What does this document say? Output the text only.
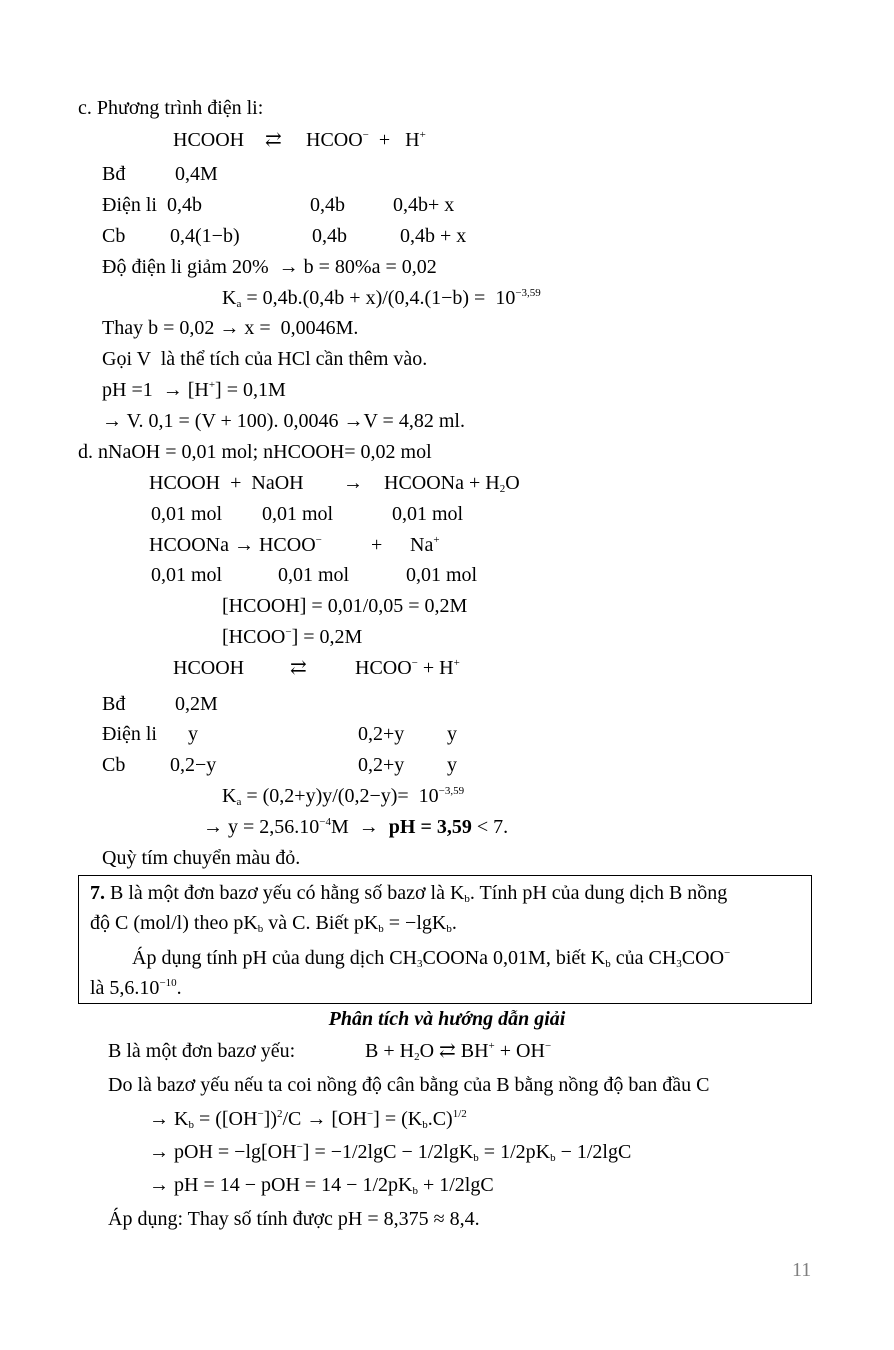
c. Phương trình điện li:
HCOOH ⇄ HCOO−  +   H+
Bđ 0,4M
Điện li  0,4b	0,4b 0,4b+ x
Cb 0,4(1−b)	0,4b	0,4b + x
Độ điện li giảm 20%  → b = 80%a = 0,02
$K_a = 0,4b.(0,4b + x)/(0,4.(1-b) = 10^{-3,59}$
Thay b = 0,02 → x =  0,0046M.
Gọi V  là thể tích của HCl cần thêm vào.
pH =1  → [H+] = 0,1M
→ V. 0,1 = (V + 100). 0,0046 →V = 4,82 ml.
d. nNaOH = 0,01 mol; nHCOOH= 0,02 mol
HCOOH  +  NaOH → HCOONa + $H_2O$
0,01 mol 0,01 mol	0,01 mol
HCOONa → HCOO− + Na+
0,01 mol	0,01 mol	0,01 mol
[HCOOH] = 0,01/0,05 = 0,2M
[HCOO−] = 0,2M
HCOOH ⇄ HCOO− + H+
Bđ 0,2M
Điện li y	0,2+y y
Cb 0,2−y	0,2+y y
$K_a = (0,2+y)y/(0,2-y)= 10^{-3,59}$
→ $y = 2,56.10^{-4}M$  →  pH = 3,59 < 7.
Quỳ tím chuyển màu đỏ.
7. B là một đơn bazơ yếu có hằng số bazơ là $K_b$. Tính pH của dung dịch B nồng
độ C (mol/l) theo $pK_b$ và C. Biết $pK_b = -\lg K_b$.
Áp dụng tính pH của dung dịch $CH_3COONa$ 0,01M, biết $K_b$ của $CH_3COO^-$
là $5,6.10^{-10}$.
Phân tích và hướng dẫn giải
B là một đơn bazơ yếu:	$B + H_2O$ ⇄ BH+ + OH−
Do là bazơ yếu nếu ta coi nồng độ cân bằng của B bằng nồng độ ban đầu C
→ $K_b = ([OH^-])^2/C \to [OH^-] = (K_b.C)^{1/2}$
→ pOH = $-\lg[OH^-] = -1/2\lg C - 1/2\lg K_b = 1/2pK_b - 1/2\lg C$
→ pH = 14 − pOH = $14 - 1/2pK_b + 1/2\lg C$
Áp dụng: Thay số tính được pH = 8,375 ≈ 8,4.
11
